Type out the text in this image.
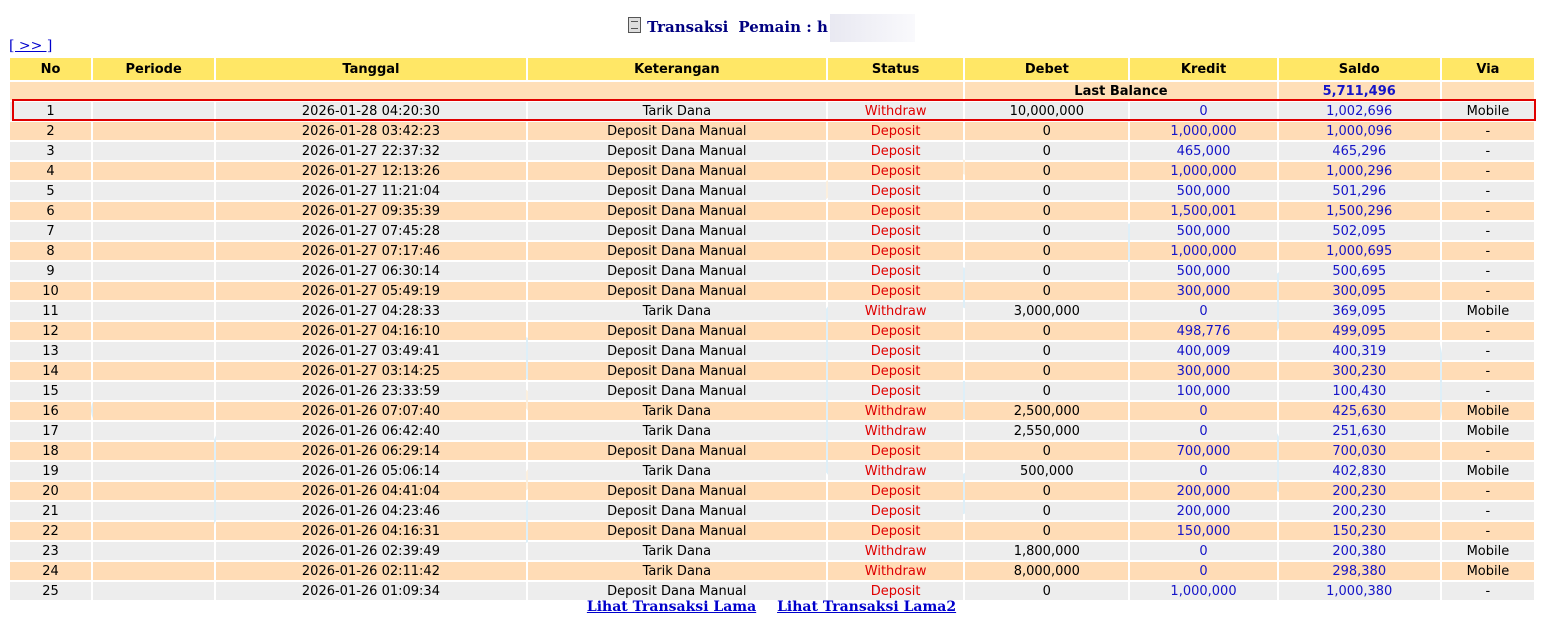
Transaksi Pemain : h
[ >> ]
No	Periode	Tanggal	Keterangan	Status	Debet	Kredit	Saldo	Via
					Last Balance		5,711,496	
1		2026-01-28 04:20:30	Tarik Dana	Withdraw	10,000,000	0	1,002,696	Mobile
2		2026-01-28 03:42:23	Deposit Dana Manual	Deposit	0	1,000,000	1,000,096	-
3		2026-01-27 22:37:32	Deposit Dana Manual	Deposit	0	465,000	465,296	-
4		2026-01-27 12:13:26	Deposit Dana Manual	Deposit	0	1,000,000	1,000,296	-
5		2026-01-27 11:21:04	Deposit Dana Manual	Deposit	0	500,000	501,296	-
6		2026-01-27 09:35:39	Deposit Dana Manual	Deposit	0	1,500,001	1,500,296	-
7		2026-01-27 07:45:28	Deposit Dana Manual	Deposit	0	500,000	502,095	-
8		2026-01-27 07:17:46	Deposit Dana Manual	Deposit	0	1,000,000	1,000,695	-
9		2026-01-27 06:30:14	Deposit Dana Manual	Deposit	0	500,000	500,695	-
10		2026-01-27 05:49:19	Deposit Dana Manual	Deposit	0	300,000	300,095	-
11		2026-01-27 04:28:33	Tarik Dana	Withdraw	3,000,000	0	369,095	Mobile
12		2026-01-27 04:16:10	Deposit Dana Manual	Deposit	0	498,776	499,095	-
13		2026-01-27 03:49:41	Deposit Dana Manual	Deposit	0	400,009	400,319	-
14		2026-01-27 03:14:25	Deposit Dana Manual	Deposit	0	300,000	300,230	-
15		2026-01-26 23:33:59	Deposit Dana Manual	Deposit	0	100,000	100,430	-
16		2026-01-26 07:07:40	Tarik Dana	Withdraw	2,500,000	0	425,630	Mobile
17		2026-01-26 06:42:40	Tarik Dana	Withdraw	2,550,000	0	251,630	Mobile
18		2026-01-26 06:29:14	Deposit Dana Manual	Deposit	0	700,000	700,030	-
19		2026-01-26 05:06:14	Tarik Dana	Withdraw	500,000	0	402,830	Mobile
20		2026-01-26 04:41:04	Deposit Dana Manual	Deposit	0	200,000	200,230	-
21		2026-01-26 04:23:46	Deposit Dana Manual	Deposit	0	200,000	200,230	-
22		2026-01-26 04:16:31	Deposit Dana Manual	Deposit	0	150,000	150,230	-
23		2026-01-26 02:39:49	Tarik Dana	Withdraw	1,800,000	0	200,380	Mobile
24		2026-01-26 02:11:42	Tarik Dana	Withdraw	8,000,000	0	298,380	Mobile
25		2026-01-26 01:09:34	Deposit Dana Manual	Deposit	0	1,000,000	1,000,380	-
Lihat Transaksi Lama Lihat Transaksi Lama2
